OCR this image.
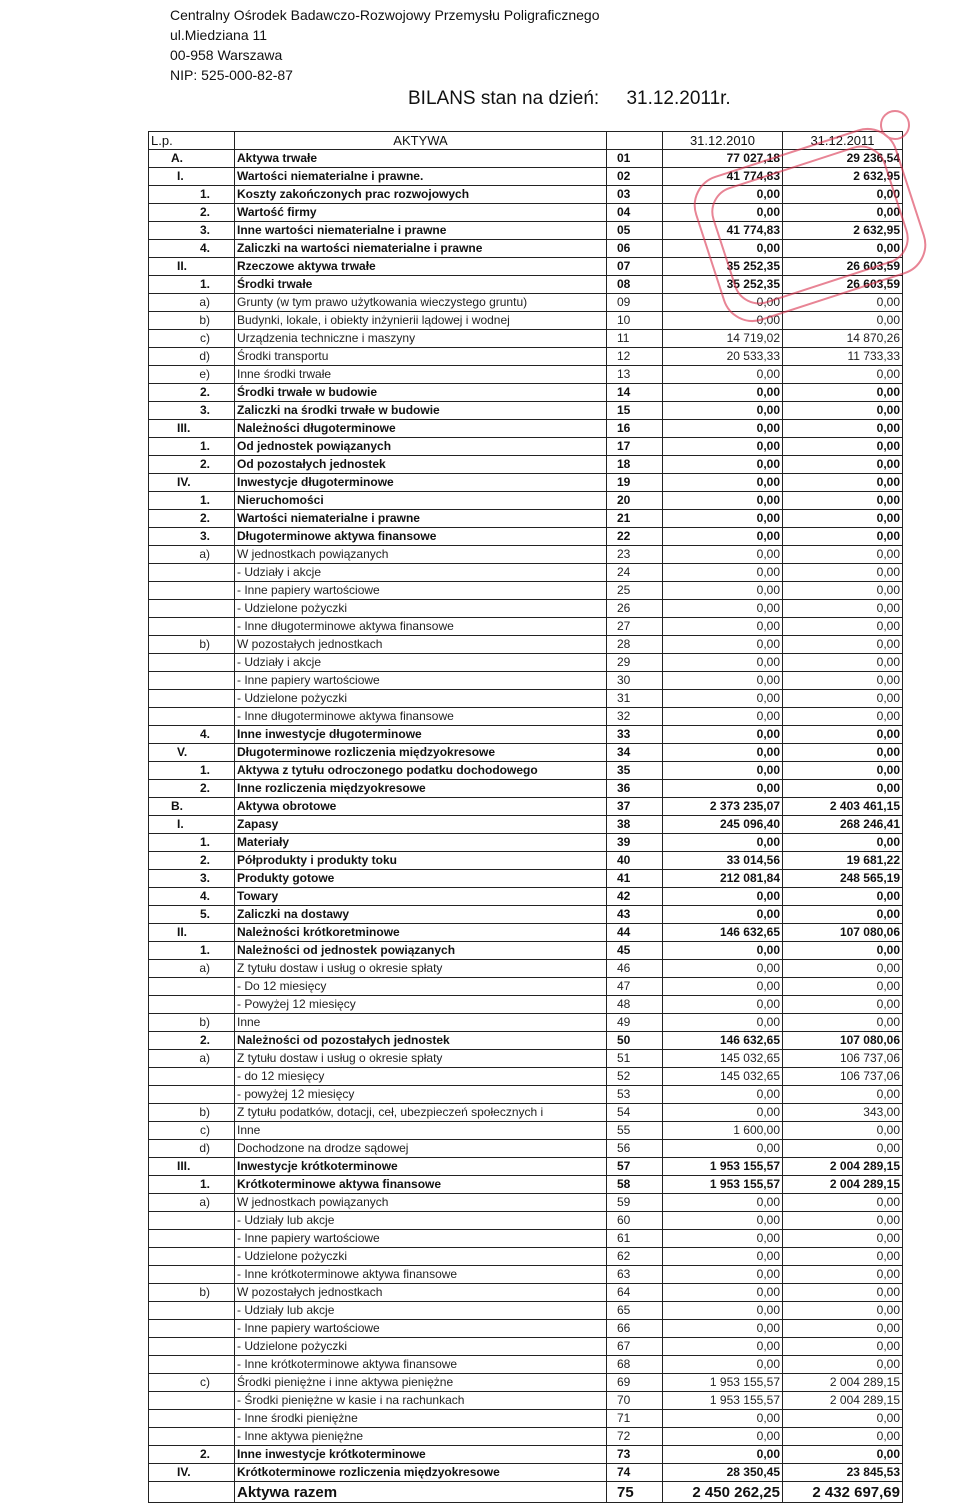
Centralny Ośrodek Badawczo-Rozwojowy Przemysłu Poligraficznego
ul.Miedziana 11
00-958 Warszawa
NIP: 525-000-82-87
BILANS stan na dzień: 31.12.2011r.
L.p.	AKTYWA		31.12.2010	31.12.2011
A.	Aktywa trwałe	01	77 027,18	29 236,54
I.	Wartości niematerialne i prawne.	02	41 774,83	2 632,95
1.	Koszty zakończonych prac rozwojowych	03	0,00	0,00
2.	Wartość firmy	04	0,00	0,00
3.	Inne wartości niematerialne i prawne	05	41 774,83	2 632,95
4.	Zaliczki na wartości niematerialne i prawne	06	0,00	0,00
II.	Rzeczowe aktywa trwałe	07	35 252,35	26 603,59
1.	Środki trwałe	08	35 252,35	26 603,59
a)	Grunty (w tym prawo użytkowania wieczystego gruntu)	09	0,00	0,00
b)	Budynki, lokale, i obiekty inżynierii lądowej i wodnej	10	0,00	0,00
c)	Urządzenia techniczne i maszyny	11	14 719,02	14 870,26
d)	Środki transportu	12	20 533,33	11 733,33
e)	Inne środki trwałe	13	0,00	0,00
2.	Środki trwałe w budowie	14	0,00	0,00
3.	Zaliczki na środki trwałe w budowie	15	0,00	0,00
III.	Należności długoterminowe	16	0,00	0,00
1.	Od jednostek powiązanych	17	0,00	0,00
2.	Od pozostałych jednostek	18	0,00	0,00
IV.	Inwestycje długoterminowe	19	0,00	0,00
1.	Nieruchomości	20	0,00	0,00
2.	Wartości niematerialne i prawne	21	0,00	0,00
3.	Długoterminowe aktywa finansowe	22	0,00	0,00
a)	W jednostkach powiązanych	23	0,00	0,00
	- Udziały i akcje	24	0,00	0,00
	- Inne papiery wartościowe	25	0,00	0,00
	- Udzielone pożyczki	26	0,00	0,00
	- Inne długoterminowe aktywa finansowe	27	0,00	0,00
b)	W pozostałych jednostkach	28	0,00	0,00
	- Udziały i akcje	29	0,00	0,00
	- Inne papiery wartościowe	30	0,00	0,00
	- Udzielone pożyczki	31	0,00	0,00
	- Inne długoterminowe aktywa finansowe	32	0,00	0,00
4.	Inne inwestycje długoterminowe	33	0,00	0,00
V.	Długoterminowe rozliczenia międzyokresowe	34	0,00	0,00
1.	Aktywa z tytułu odroczonego podatku dochodowego	35	0,00	0,00
2.	Inne rozliczenia międzyokresowe	36	0,00	0,00
B.	Aktywa obrotowe	37	2 373 235,07	2 403 461,15
I.	Zapasy	38	245 096,40	268 246,41
1.	Materiały	39	0,00	0,00
2.	Półprodukty i produkty toku	40	33 014,56	19 681,22
3.	Produkty gotowe	41	212 081,84	248 565,19
4.	Towary	42	0,00	0,00
5.	Zaliczki na dostawy	43	0,00	0,00
II.	Należności krótkoretminowe	44	146 632,65	107 080,06
1.	Należności od jednostek powiązanych	45	0,00	0,00
a)	Z tytułu dostaw i usług o okresie spłaty	46	0,00	0,00
	- Do 12 miesięcy	47	0,00	0,00
	- Powyżej 12 miesięcy	48	0,00	0,00
b)	Inne	49	0,00	0,00
2.	Należności od pozostałych jednostek	50	146 632,65	107 080,06
a)	Z tytułu dostaw i usług o okresie spłaty	51	145 032,65	106 737,06
	- do 12 miesięcy	52	145 032,65	106 737,06
	- powyżej 12 miesięcy	53	0,00	0,00
b)	Z tytułu podatków, dotacji, ceł, ubezpieczeń społecznych i	54	0,00	343,00
c)	Inne	55	1 600,00	0,00
d)	Dochodzone na drodze sądowej	56	0,00	0,00
III.	Inwestycje krótkoterminowe	57	1 953 155,57	2 004 289,15
1.	Krótkoterminowe aktywa finansowe	58	1 953 155,57	2 004 289,15
a)	W jednostkach powiązanych	59	0,00	0,00
	- Udziały lub akcje	60	0,00	0,00
	- Inne papiery wartościowe	61	0,00	0,00
	- Udzielone pożyczki	62	0,00	0,00
	- Inne krótkoterminowe aktywa finansowe	63	0,00	0,00
b)	W pozostałych jednostkach	64	0,00	0,00
	- Udziały lub akcje	65	0,00	0,00
	- Inne papiery wartościowe	66	0,00	0,00
	- Udzielone pożyczki	67	0,00	0,00
	- Inne krótkoterminowe aktywa finansowe	68	0,00	0,00
c)	Środki pieniężne i inne aktywa pieniężne	69	1 953 155,57	2 004 289,15
	- Środki pieniężne w kasie i na rachunkach	70	1 953 155,57	2 004 289,15
	- Inne środki pieniężne	71	0,00	0,00
	- Inne aktywa pieniężne	72	0,00	0,00
2.	Inne inwestycje krótkoterminowe	73	0,00	0,00
IV.	Krótkoterminowe rozliczenia międzyokresowe	74	28 350,45	23 845,53
	Aktywa razem	75	2 450 262,25	2 432 697,69
